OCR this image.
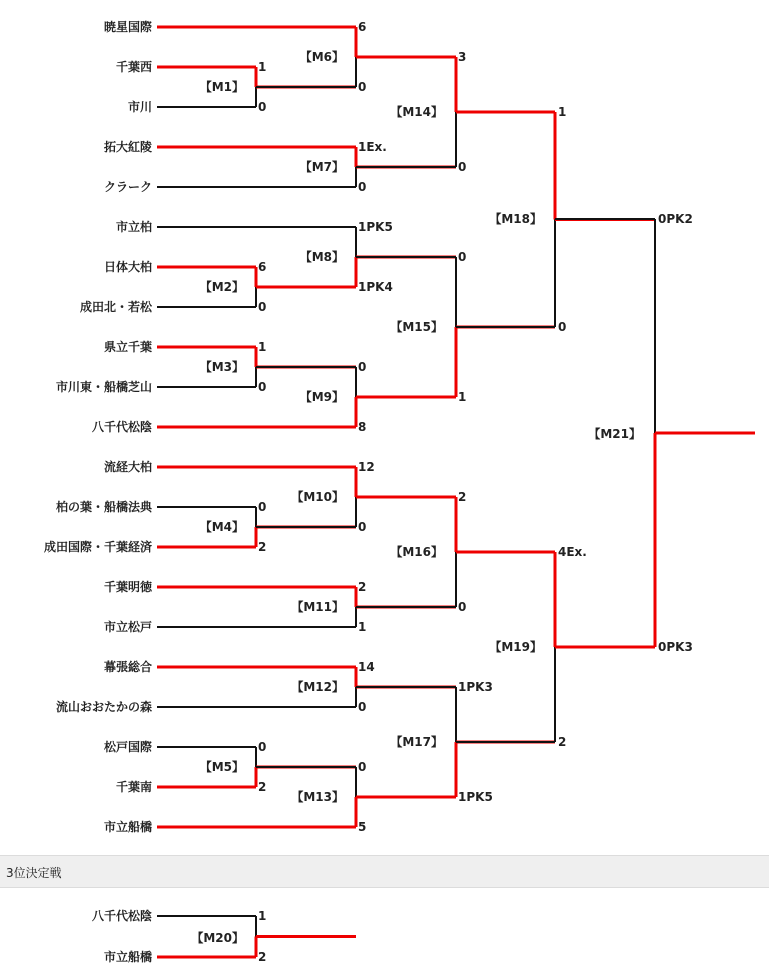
暁星国際
千葉西
市川
拓大紅陵
クラーク
市立柏
日体大柏
成田北・若松
県立千葉
市川東・船橋芝山
八千代松陰
流経大柏
柏の葉・船橋法典
成田国際・千葉経済
千葉明徳
市立松戸
幕張総合
流山おおたかの森
松戸国際
千葉南
市立船橋
八千代松陰
市立船橋
【M1】
【M2】
【M3】
【M4】
【M5】
【M6】
【M7】
【M8】
【M9】
【M10】
【M11】
【M12】
【M13】
【M14】
【M15】
【M16】
【M17】
【M18】
【M19】
【M21】
【M20】
1
0
6
0
1
0
0
2
0
2
6
0
1Ex.
0
1PK5
1PK4
0
8
12
0
2
1
14
0
0
5
3
0
0
1
2
0
1PK3
1PK5
1
0
4Ex.
2
0PK2
0PK3
1
2
3位決定戦
